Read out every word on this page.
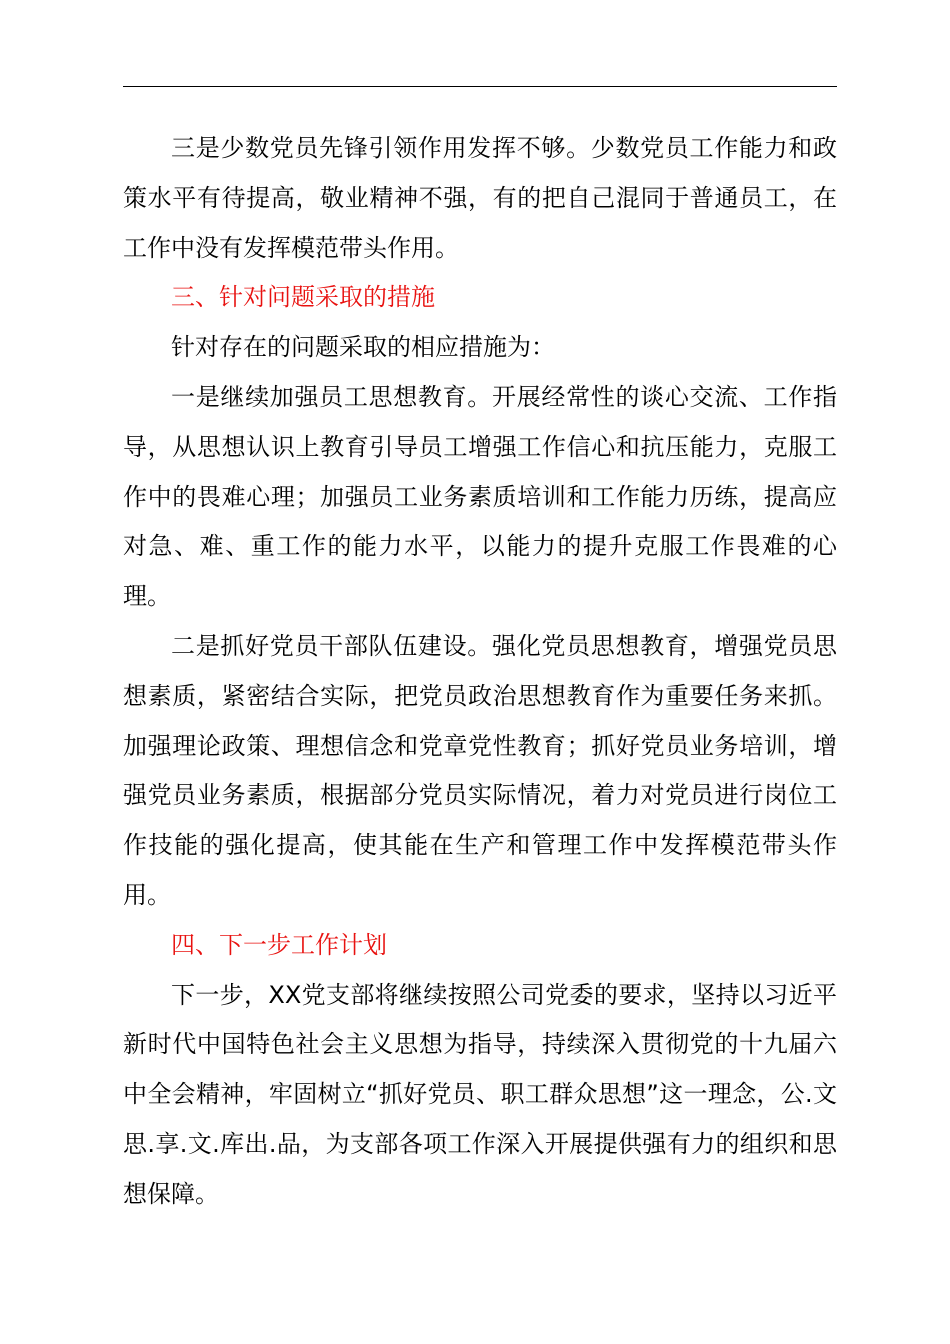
三是少数党员先锋引领作用发挥不够。少数党员工作能力和政策水平有待提高，敬业精神不强，有的把自己混同于普通员工，在工作中没有发挥模范带头作用。

三、针对问题采取的措施

针对存在的问题采取的相应措施为：

一是继续加强员工思想教育。开展经常性的谈心交流、工作指导，从思想认识上教育引导员工增强工作信心和抗压能力，克服工作中的畏难心理；加强员工业务素质培训和工作能力历练，提高应对急、难、重工作的能力水平，以能力的提升克服工作畏难的心理。

二是抓好党员干部队伍建设。强化党员思想教育，增强党员思想素质，紧密结合实际，把党员政治思想教育作为重要任务来抓。加强理论政策、理想信念和党章党性教育；抓好党员业务培训，增强党员业务素质，根据部分党员实际情况，着力对党员进行岗位工作技能的强化提高，使其能在生产和管理工作中发挥模范带头作用。

四、下一步工作计划

下一步，XX党支部将继续按照公司党委的要求，坚持以习近平新时代中国特色社会主义思想为指导，持续深入贯彻党的十九届六中全会精神，牢固树立“抓好党员、职工群众思想”这一理念，公.文思.享.文.库出.品，为支部各项工作深入开展提供强有力的组织和思想保障。
